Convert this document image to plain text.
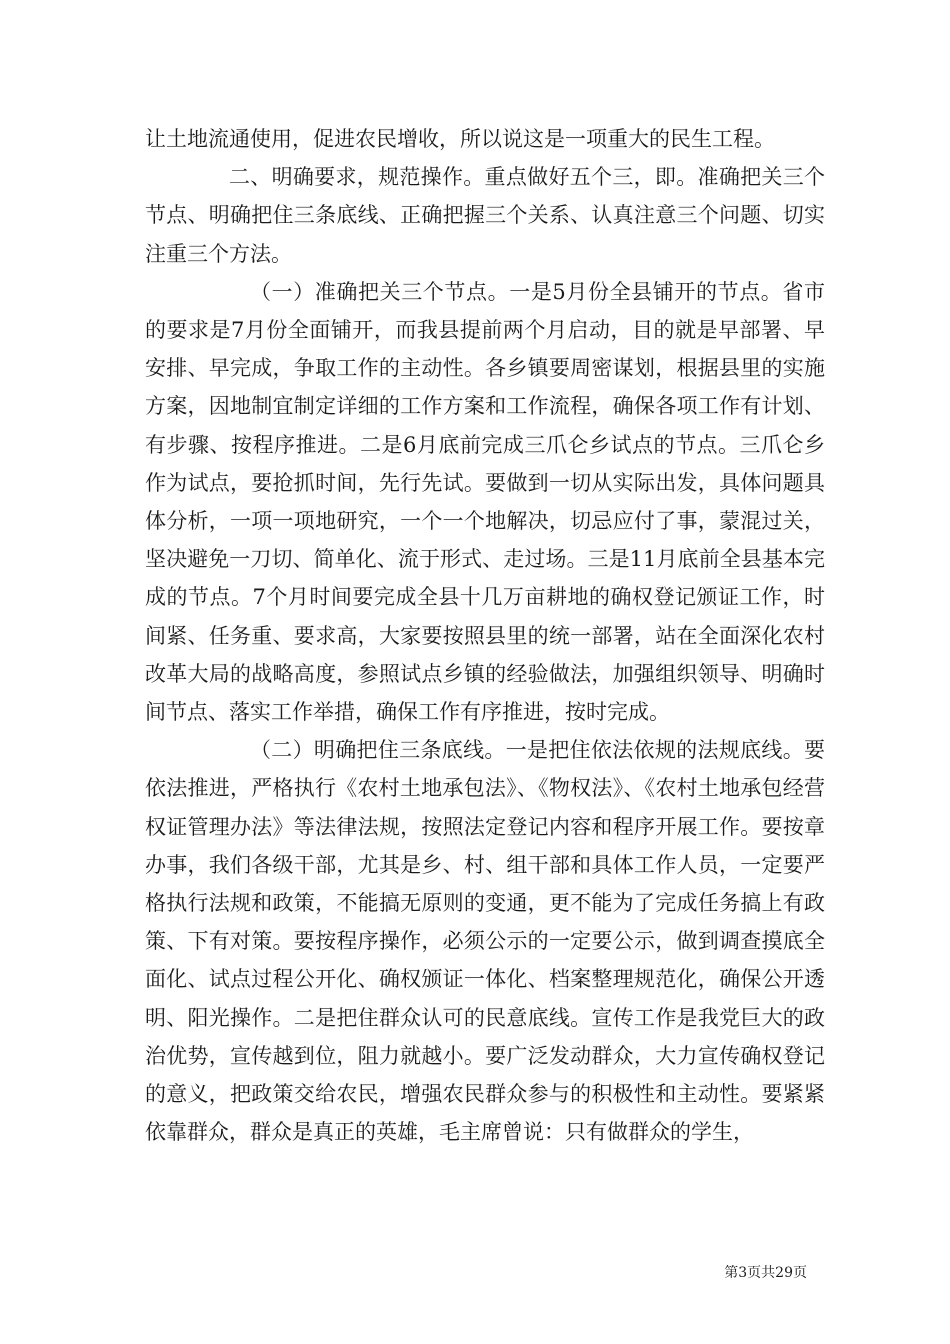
让土地流通使用，促进农民增收，所以说这是一项重大的民生工程。

二、明确要求，规范操作。重点做好五个三，即。准确把关三个节点、明确把住三条底线、正确把握三个关系、认真注意三个问题、切实注重三个方法。

（一）准确把关三个节点。一是5月份全县铺开的节点。省市的要求是7月份全面铺开，而我县提前两个月启动，目的就是早部署、早安排、早完成，争取工作的主动性。各乡镇要周密谋划，根据县里的实施方案，因地制宜制定详细的工作方案和工作流程，确保各项工作有计划、有步骤、按程序推进。二是6月底前完成三爪仑乡试点的节点。三爪仑乡作为试点，要抢抓时间，先行先试。要做到一切从实际出发，具体问题具体分析，一项一项地研究，一个一个地解决，切忌应付了事，蒙混过关，坚决避免一刀切、简单化、流于形式、走过场。三是11月底前全县基本完成的节点。7个月时间要完成全县十几万亩耕地的确权登记颁证工作，时间紧、任务重、要求高，大家要按照县里的统一部署，站在全面深化农村改革大局的战略高度，参照试点乡镇的经验做法，加强组织领导、明确时间节点、落实工作举措，确保工作有序推进，按时完成。

（二）明确把住三条底线。一是把住依法依规的法规底线。要依法推进，严格执行《农村土地承包法》、《物权法》、《农村土地承包经营权证管理办法》等法律法规，按照法定登记内容和程序开展工作。要按章办事，我们各级干部，尤其是乡、村、组干部和具体工作人员，一定要严格执行法规和政策，不能搞无原则的变通，更不能为了完成任务搞上有政策、下有对策。要按程序操作，必须公示的一定要公示，做到调查摸底全面化、试点过程公开化、确权颁证一体化、档案整理规范化，确保公开透明、阳光操作。二是把住群众认可的民意底线。宣传工作是我党巨大的政治优势，宣传越到位，阻力就越小。要广泛发动群众，大力宣传确权登记的意义，把政策交给农民，增强农民群众参与的积极性和主动性。要紧紧依靠群众，群众是真正的英雄，毛主席曾说：只有做群众的学生，

第3页共29页
